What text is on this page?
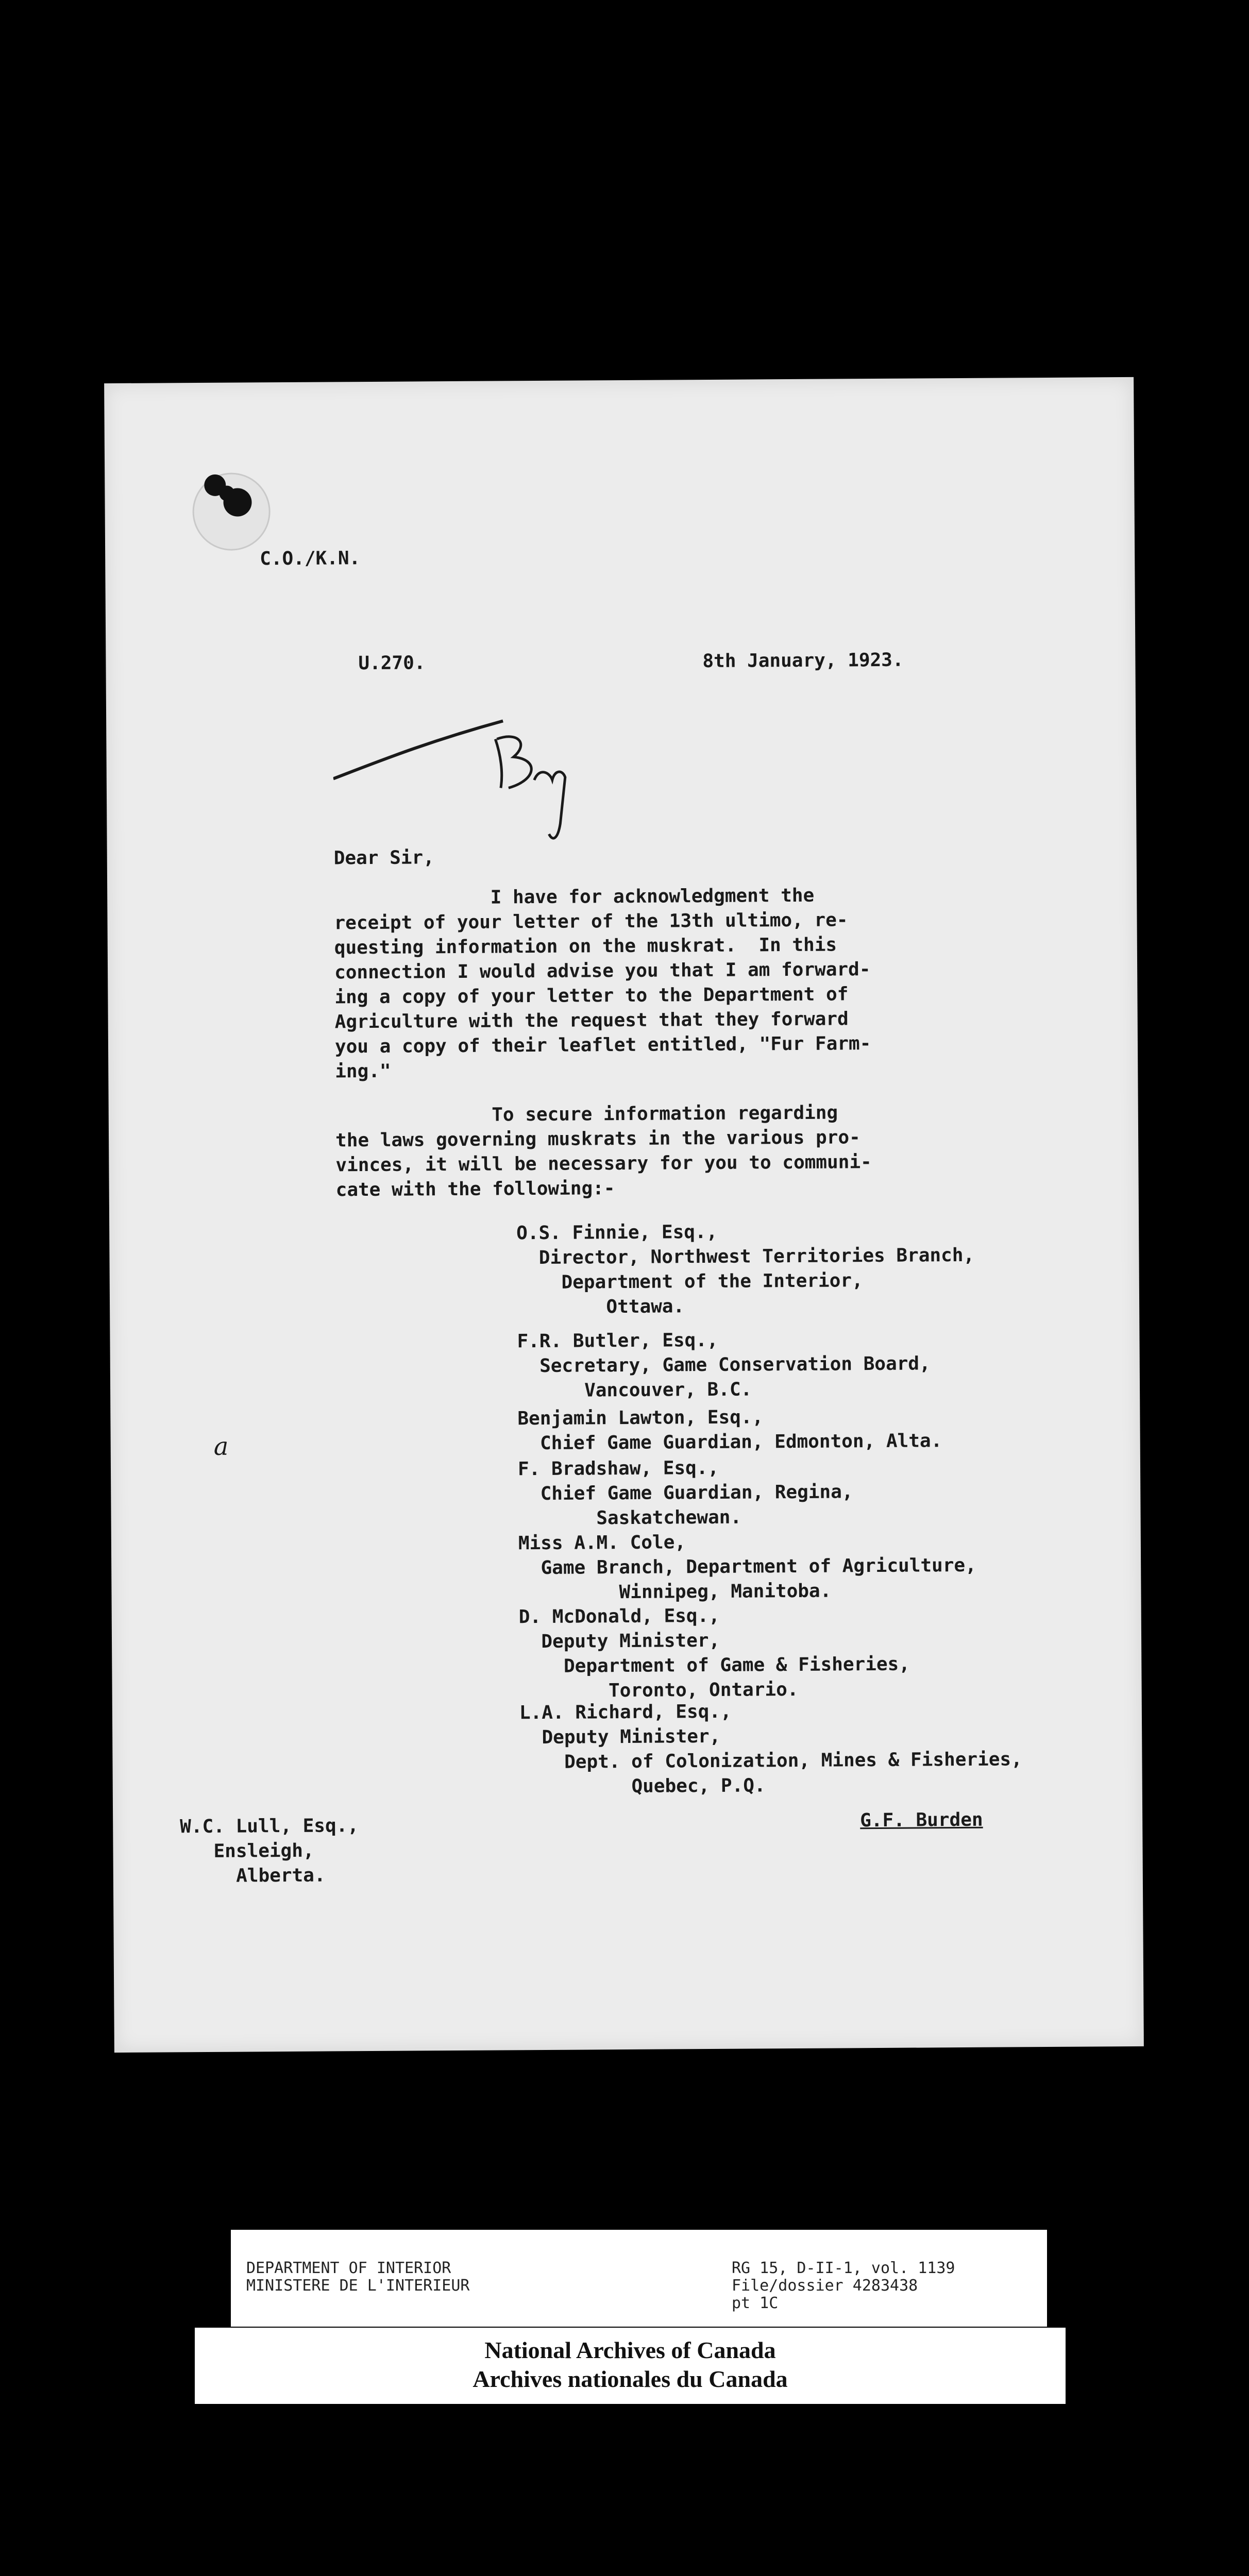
C.O./K.N.
U.270.	8th January, 1923.
Dear Sir,
I have for acknowledgment the
receipt of your letter of the 13th ultimo, re-
questing information on the muskrat.  In this
connection I would advise you that I am forward-
ing a copy of your letter to the Department of
Agriculture with the request that they forward
you a copy of their leaflet entitled, "Fur Farm-
ing."
To secure information regarding
the laws governing muskrats in the various pro-
vinces, it will be necessary for you to communi-
cate with the following:-
a
O.S. Finnie, Esq.,
Director, Northwest Territories Branch,
Department of the Interior,
Ottawa.
F.R. Butler, Esq.,
Secretary, Game Conservation Board,
Vancouver, B.C.
Benjamin Lawton, Esq.,
Chief Game Guardian, Edmonton, Alta.
F. Bradshaw, Esq.,
Chief Game Guardian, Regina,
Saskatchewan.
Miss A.M. Cole,
Game Branch, Department of Agriculture,
Winnipeg, Manitoba.
D. McDonald, Esq.,
Deputy Minister,
Department of Game & Fisheries,
Toronto, Ontario.
L.A. Richard, Esq.,
Deputy Minister,
Dept. of Colonization, Mines & Fisheries,
Quebec, P.Q.
W.C. Lull, Esq.,
Ensleigh,
Alberta.
G.F. Burden
DEPARTMENT OF INTERIOR
MINISTERE DE L'INTERIEUR
RG 15, D-II-1, vol. 1139
File/dossier 4283438
pt 1C
National Archives of Canada
Archives nationales du Canada
